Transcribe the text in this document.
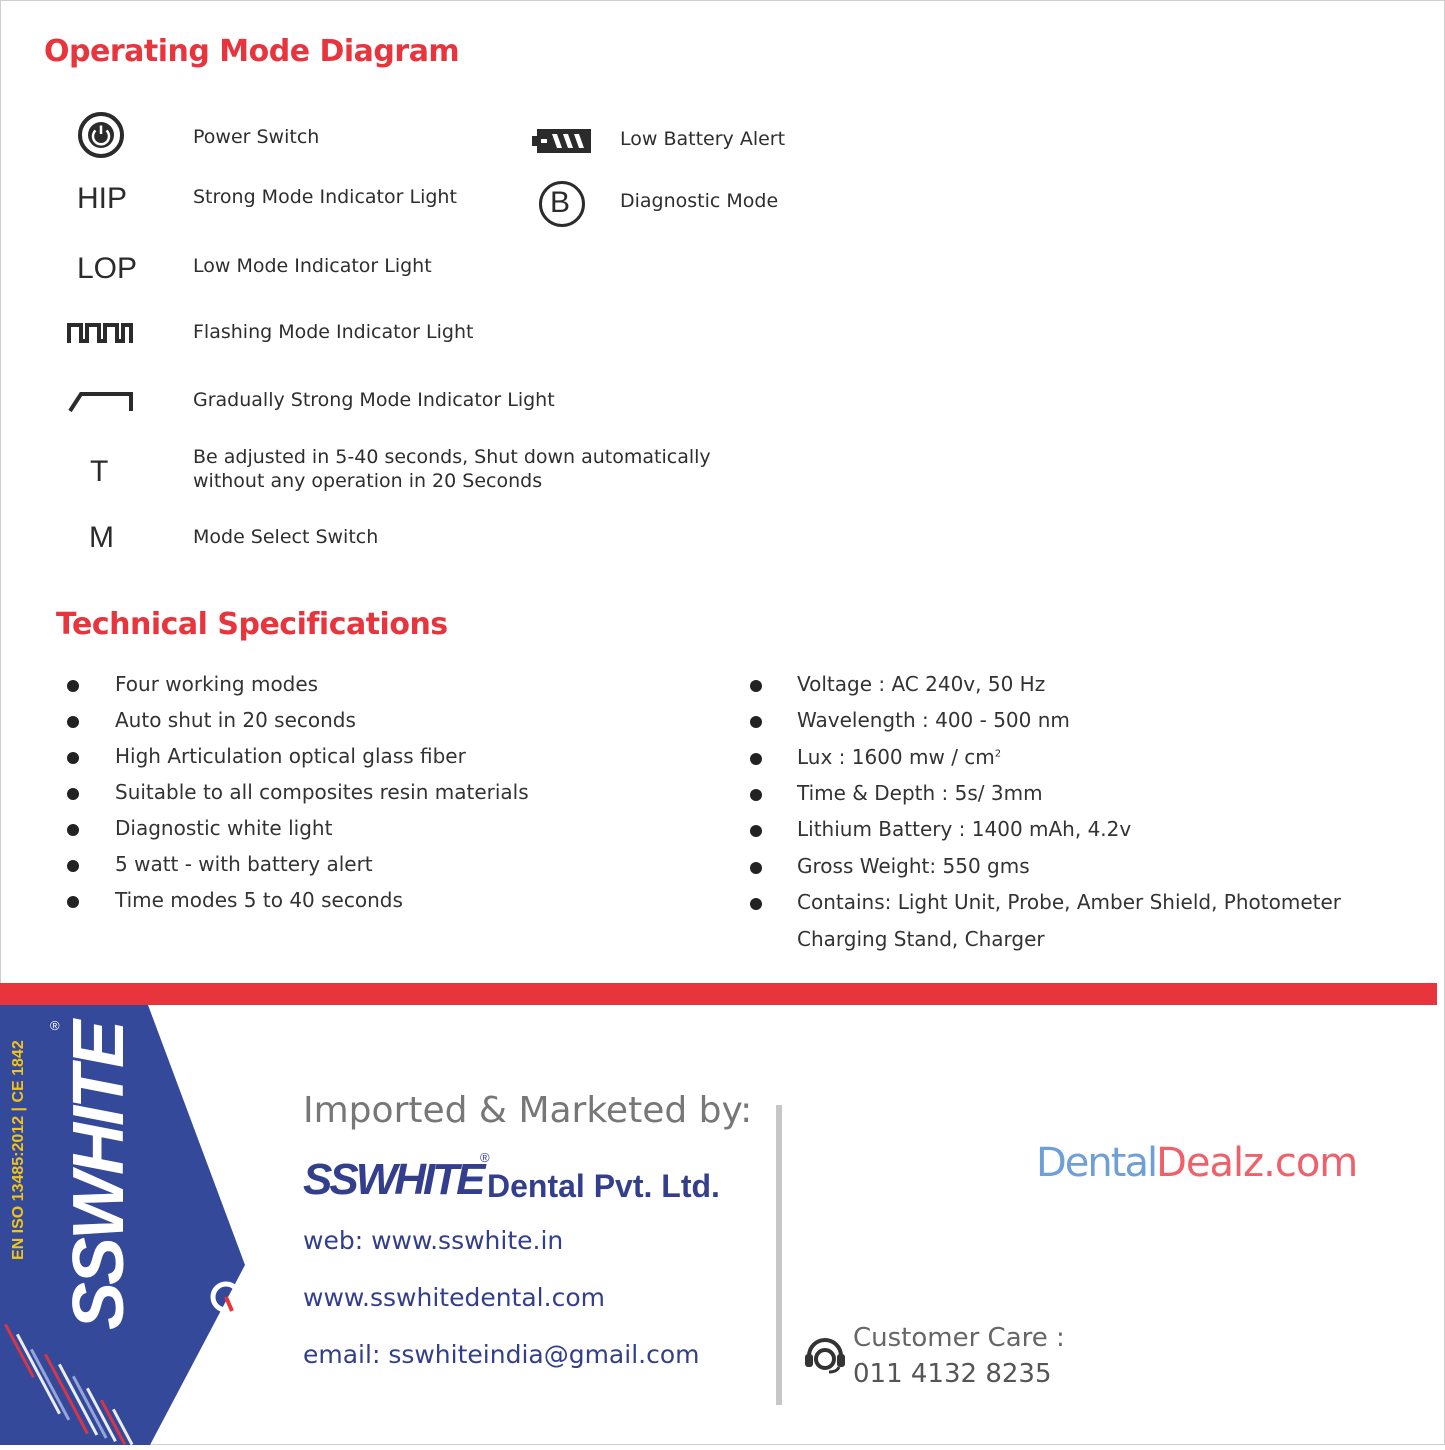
Operating Mode Diagram
Power Switch
HIP	Strong Mode Indicator Light
LOP	Low Mode Indicator Light
Flashing Mode Indicator Light
Gradually Strong Mode Indicator Light
T	Be adjusted in 5-40 seconds, Shut down automatically
without any operation in 20 Seconds
M	Mode Select Switch
Low Battery Alert
B	Diagnostic Mode
Technical Specifications
Four working modes
Auto shut in 20 seconds
High Articulation optical glass fiber
Suitable to all composites resin materials
Diagnostic white light
5 watt - with battery alert
Time modes 5 to 40 seconds
Voltage : AC 240v, 50 Hz
Wavelength : 400 - 500 nm
Lux : 1600 mw / $cm^2$
Time & Depth : 5s/ 3mm
Lithium Battery : 1400 mAh, 4.2v
Gross Weight: 550 gms
Contains: Light Unit, Probe, Amber Shield, Photometer
Charging Stand, Charger
EN ISO 13485:2012 | CE 1842 SSWHITE
®
Imported & Marketed by:
SSWHITE
®
Dental Pvt. Ltd.
web: www.sswhite.in
www.sswhitedental.com
email: sswhiteindia@gmail.com
DentalDealz.com
Customer Care :
011 4132 8235
